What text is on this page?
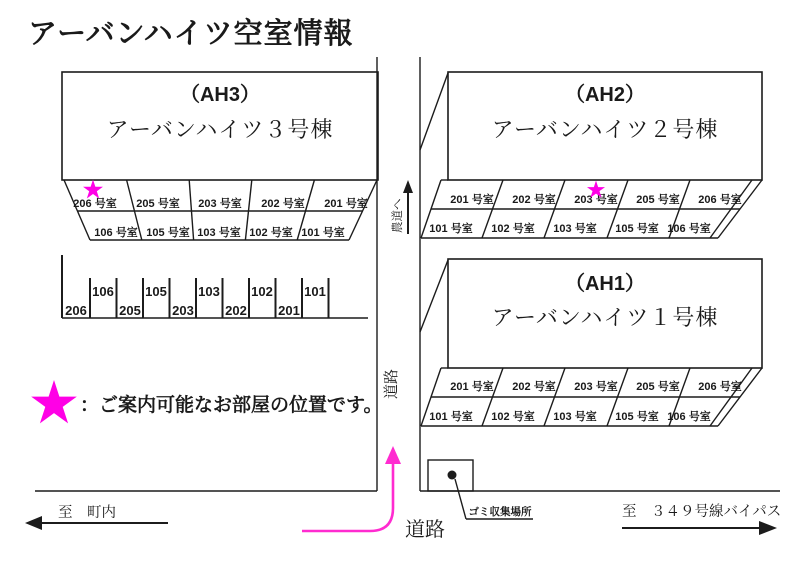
アーバンハイツ空室情報
（AH3）
アーバンハイツ３号棟
206 号室 205 号室 203 号室 202 号室 201 号室
106 号室 105 号室 103 号室 102 号室 101 号室
（AH2）
アーバンハイツ２号棟
201 号室 202 号室 203 号室 205 号室 206 号室
101 号室 102 号室 103 号室 105 号室 106 号室
（AH1）
アーバンハイツ１号棟
201 号室 202 号室 203 号室 205 号室 206 号室
101 号室 102 号室 103 号室 105 号室 106 号室
206 205 203 202 201
106 105 103 102 101
：ご案内可能なお部屋の位置です。
ゴミ収集場所
道路
農道へ
至　町内	至　３４９号線バイパス
道路
